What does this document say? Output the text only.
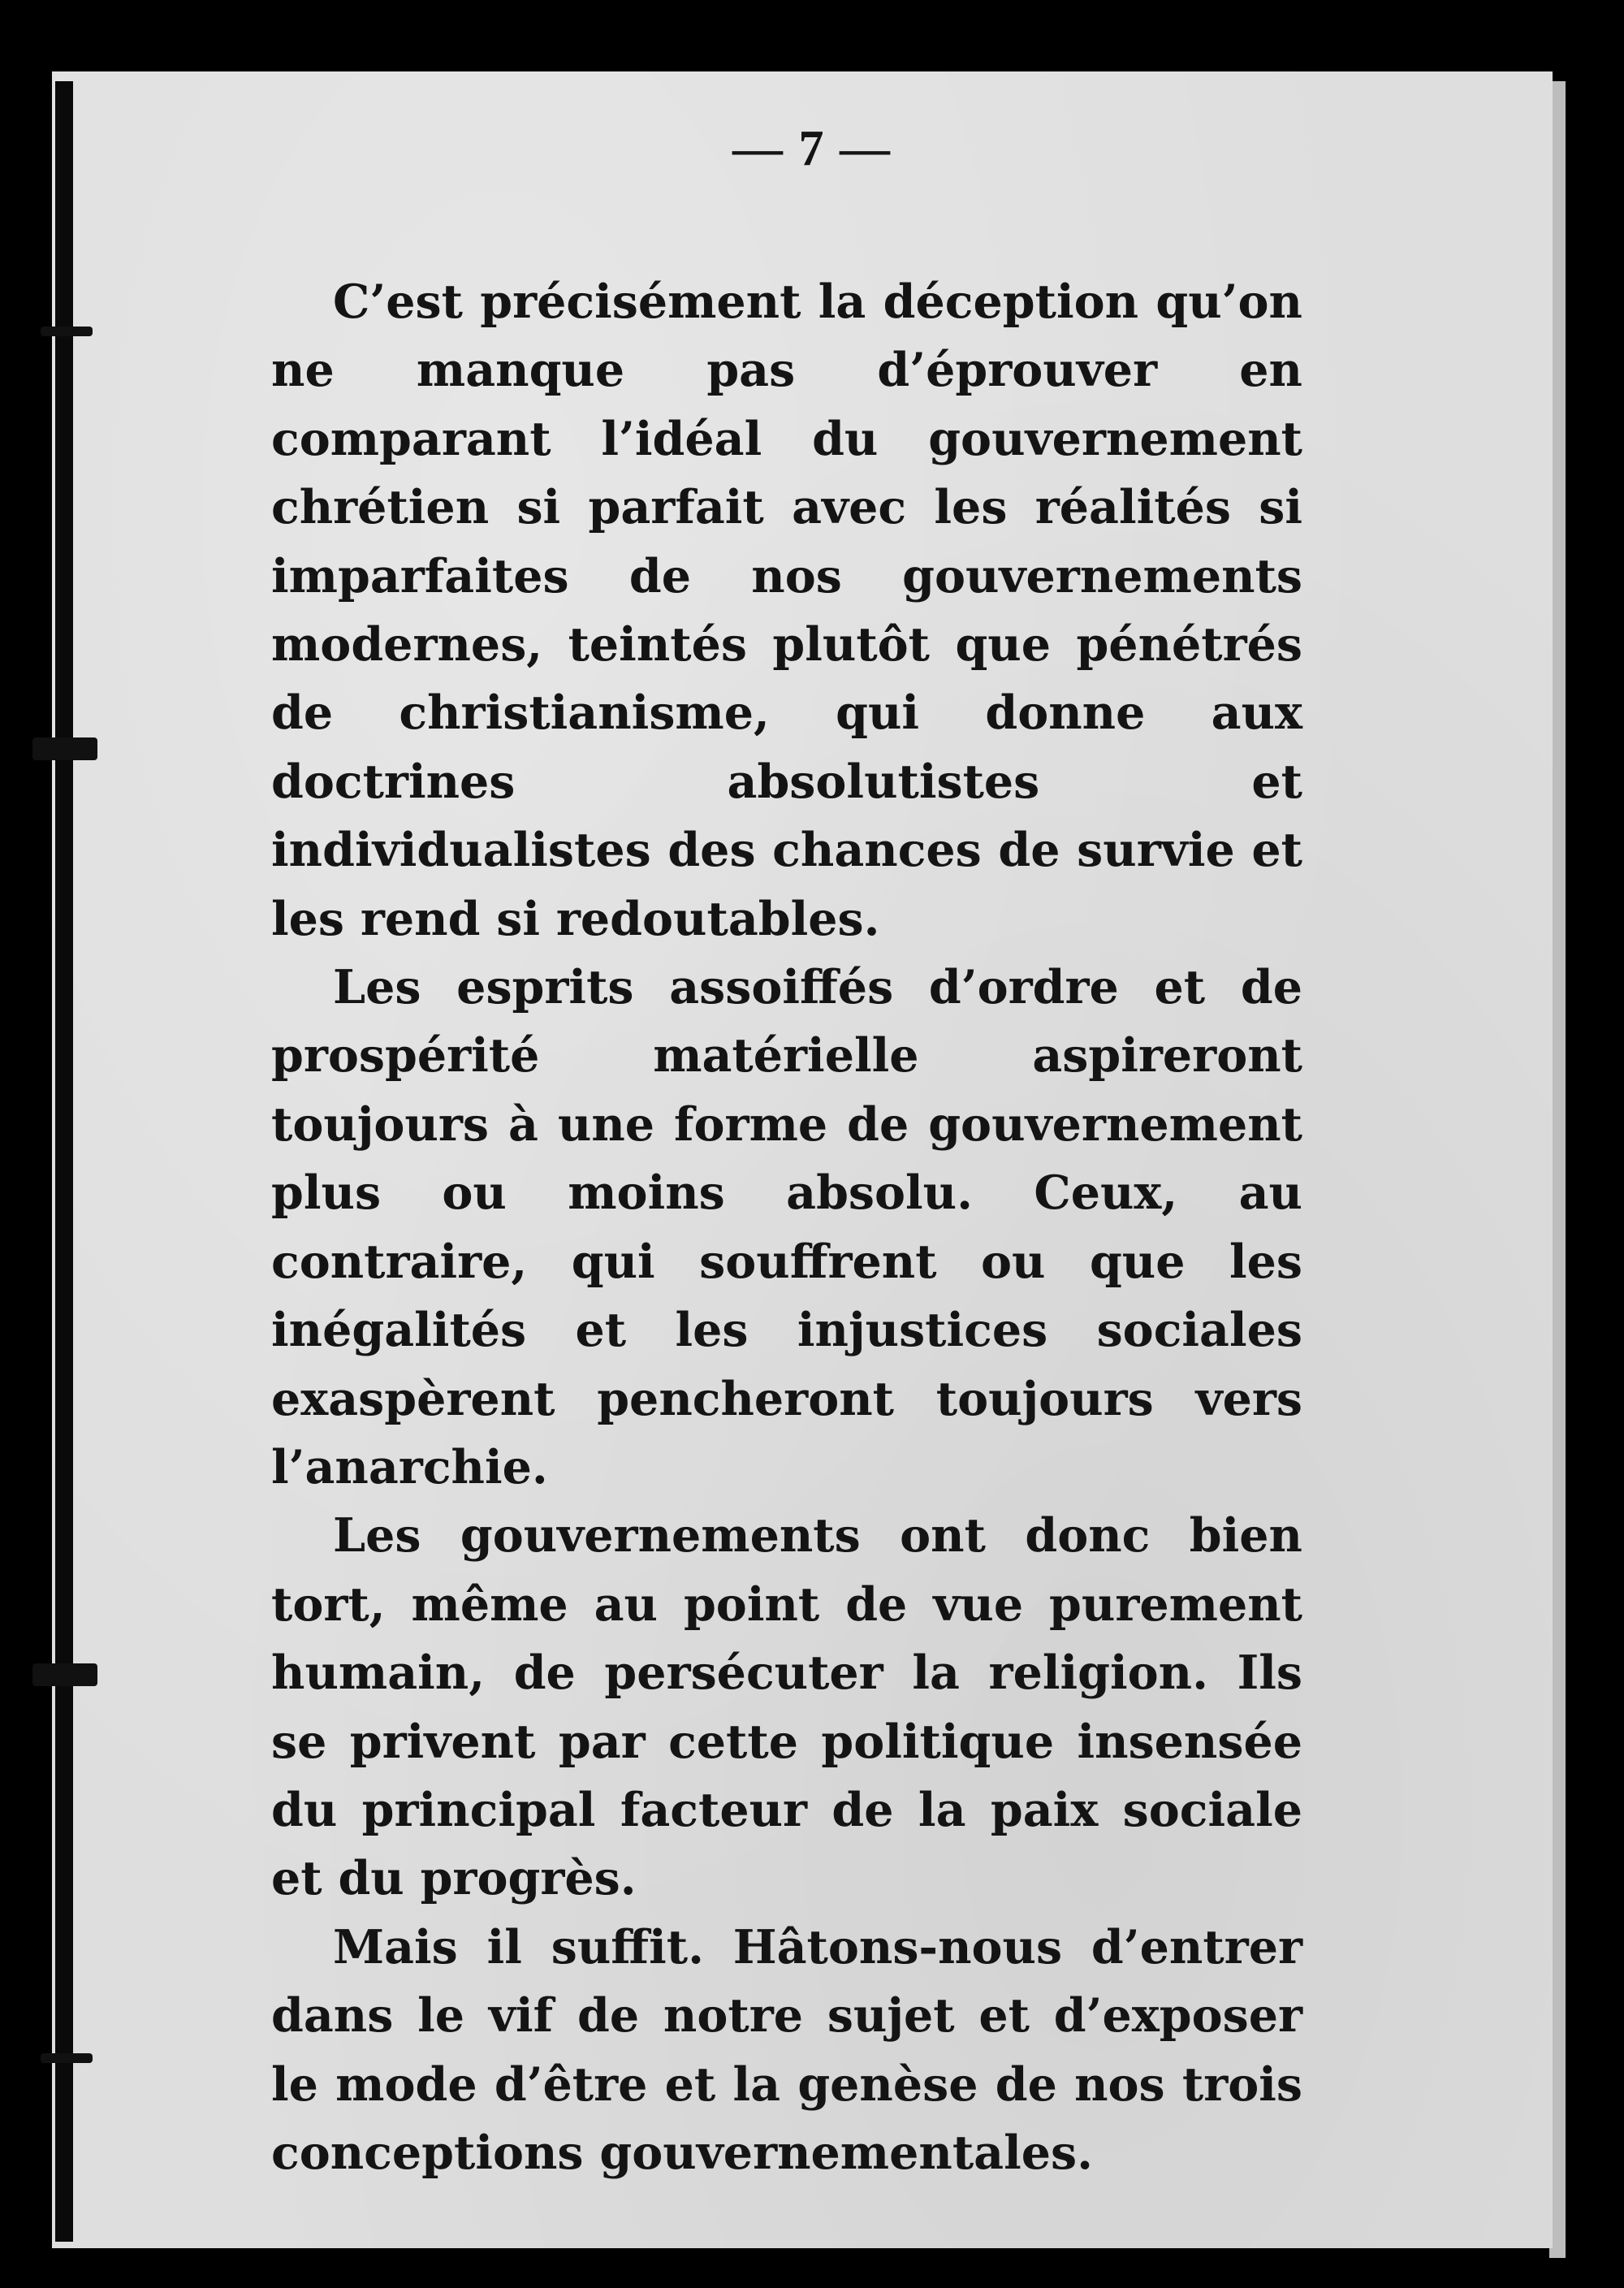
— 7 —

C’est précisément la déception qu’on ne manque pas d’éprouver en comparant l’idéal du gouvernement chrétien si parfait avec les réalités si imparfaites de nos gouvernements modernes, teintés plutôt que pénétrés de christianisme, qui donne aux doctrines absolutistes et individualistes des chances de survie et les rend si redoutables.

Les esprits assoiffés d’ordre et de prospérité matérielle aspireront toujours à une forme de gouvernement plus ou moins absolu. Ceux, au contraire, qui souffrent ou que les inégalités et les injustices sociales exaspèrent pencheront toujours vers l’anarchie.

Les gouvernements ont donc bien tort, même au point de vue purement humain, de persécuter la religion. Ils se privent par cette politique insensée du principal facteur de la paix sociale et du progrès.

Mais il suffit. Hâtons-nous d’entrer dans le vif de notre sujet et d’exposer le mode d’être et la genèse de nos trois conceptions gouvernementales.
